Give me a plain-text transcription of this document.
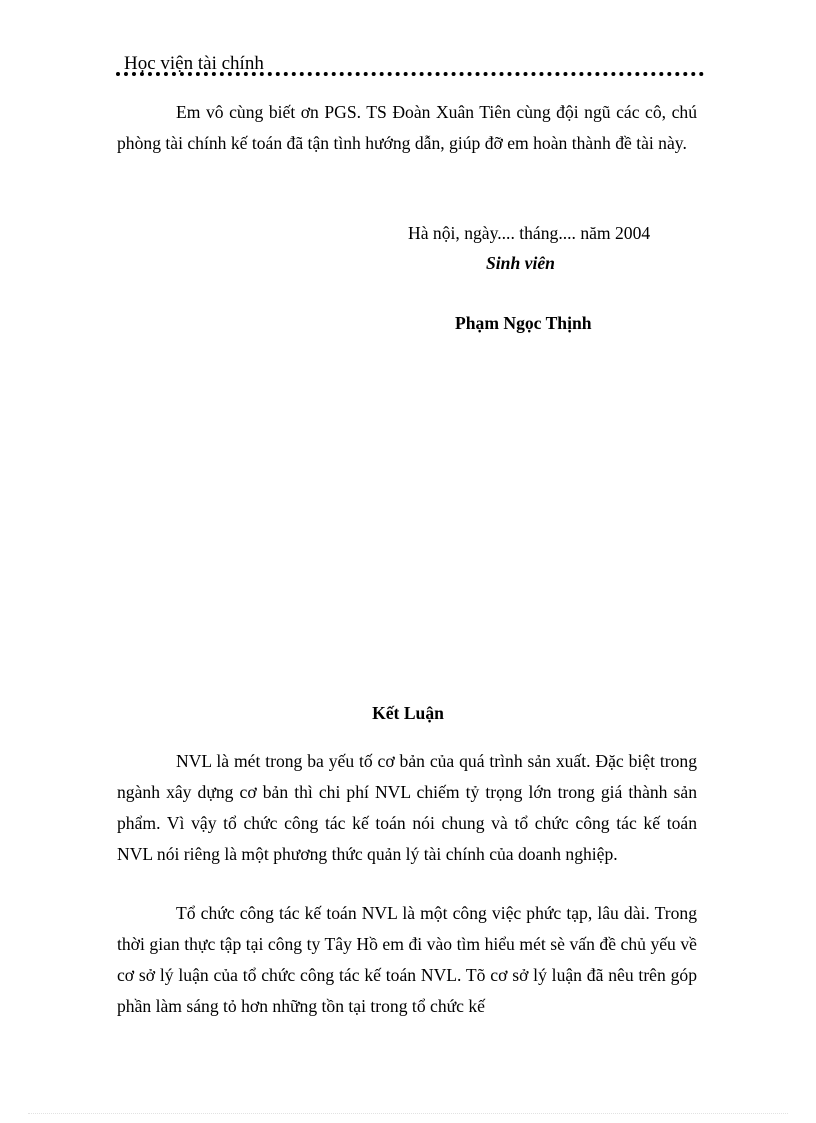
Học viện tài chính

Em vô cùng biết ơn PGS. TS Đoàn Xuân Tiên cùng đội ngũ các cô, chú phòng tài chính kế toán đã tận tình hướng dẫn, giúp đỡ em hoàn thành đề tài này.

Hà nội, ngày.... tháng.... năm 2004
Sinh viên
Phạm Ngọc Thịnh
Kết Luận

NVL là mét trong ba yếu tố cơ bản của quá trình sản xuất. Đặc biệt trong ngành xây dựng cơ bản thì chi phí NVL chiếm tỷ trọng lớn trong giá thành sản phẩm. Vì vậy tổ chức công tác kế toán nói chung và tổ chức công tác kế toán NVL nói riêng là một phương thức quản lý tài chính của doanh nghiệp.

Tổ chức công tác kế toán NVL là một công việc phức tạp, lâu dài. Trong thời gian thực tập tại công ty Tây Hồ em đi vào tìm hiểu mét sè vấn đề chủ yếu về cơ sở lý luận của tổ chức công tác kế toán NVL. Tõ cơ sở lý luận đã nêu trên góp phần làm sáng tỏ hơn những tồn tại trong tổ chức kế
